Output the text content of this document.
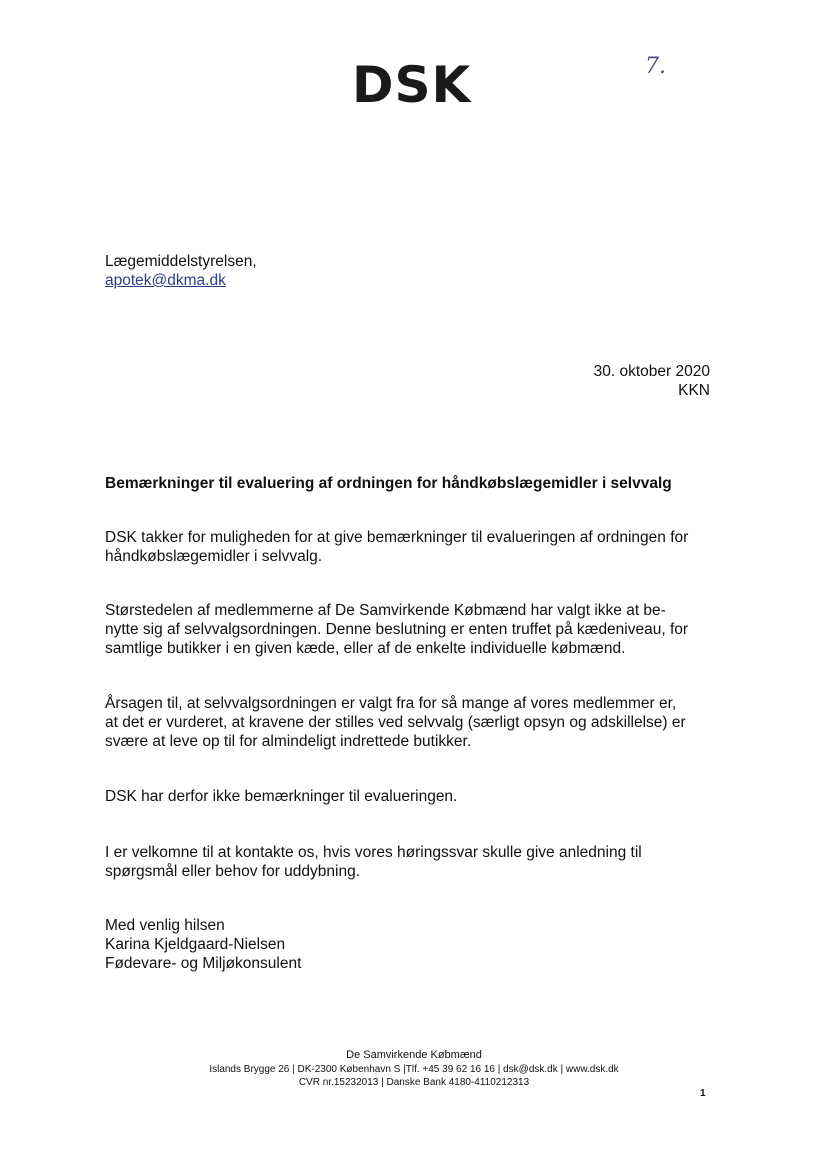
DSK	7.
Lægemiddelstyrelsen,
apotek@dkma.dk
30. oktober 2020
KKN
Bemærkninger til evaluering af ordningen for håndkøbslægemidler i selvvalg
DSK takker for muligheden for at give bemærkninger til evalueringen af ordningen for
håndkøbslægemidler i selvvalg.
Størstedelen af medlemmerne af De Samvirkende Købmænd har valgt ikke at be-
nytte sig af selvvalgsordningen. Denne beslutning er enten truffet på kædeniveau, for
samtlige butikker i en given kæde, eller af de enkelte individuelle købmænd.
Årsagen til, at selvvalgsordningen er valgt fra for så mange af vores medlemmer er,
at det er vurderet, at kravene der stilles ved selvvalg (særligt opsyn og adskillelse) er
svære at leve op til for almindeligt indrettede butikker.
DSK har derfor ikke bemærkninger til evalueringen.
I er velkomne til at kontakte os, hvis vores høringssvar skulle give anledning til
spørgsmål eller behov for uddybning.
Med venlig hilsen
Karina Kjeldgaard-Nielsen
Fødevare- og Miljøkonsulent
De Samvirkende Købmænd
Islands Brygge 26 | DK-2300 København S |Tlf. +45 39 62 16 16 | dsk@dsk.dk | www.dsk.dk
CVR nr.15232013 | Danske Bank 4180-4110212313
1
